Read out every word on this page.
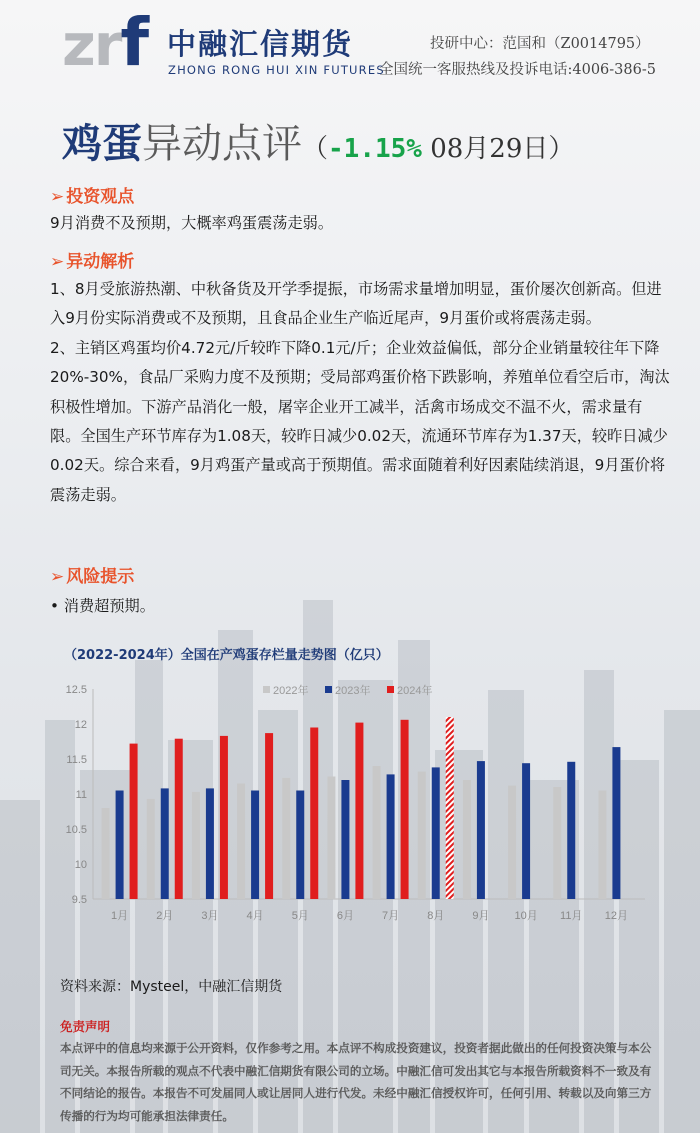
zrf 中融汇信期货
ZHONG RONG HUI XIN FUTURES
投研中心：范国和（Z0014795）
全国统一客服热线及投诉电话:4006-386-5
鸡蛋异动点评（-1.15% 08月29日）
➢ 投资观点

9月消费不及预期，大概率鸡蛋震荡走弱。

➢ 异动解析

1、8月受旅游热潮、中秋备货及开学季提振，市场需求量增加明显，蛋价屡次创新高。但进入9月份实际消费或不及预期，且食品企业生产临近尾声，9月蛋价或将震荡走弱。

2、主销区鸡蛋均价4.72元/斤较昨下降0.1元/斤；企业效益偏低，部分企业销量较往年下降20%-30%，食品厂采购力度不及预期；受局部鸡蛋价格下跌影响，养殖单位看空后市，淘汰积极性增加。下游产品消化一般，屠宰企业开工减半，活禽市场成交不温不火，需求量有限。全国生产环节库存为1.08天，较昨日减少0.02天，流通环节库存为1.37天，较昨日减少0.02天。综合来看，9月鸡蛋产量或高于预期值。需求面随着利好因素陆续消退，9月蛋价将震荡走弱。

➢ 风险提示

• 消费超预期。

（2022-2024年）全国在产鸡蛋存栏量走势图（亿只）
9.5
10
10.5
11
11.5
12
12.5
1月	2月	3月	4月	5月	6月	7月	8月	9月 10月 11月 12月
2022年 2023年 2024年
资料来源：Mysteel，中融汇信期货
免责声明
本点评中的信息均来源于公开资料，仅作参考之用。本点评不构成投资建议，投资者据此做出的任何投资决策与本公司无关。本报告所载的观点不代表中融汇信期货有限公司的立场。中融汇信可发出其它与本报告所载资料不一致及有不同结论的报告。本报告不可发届同人或让居同人进行代发。未经中融汇信授权许可，任何引用、转载以及向第三方传播的行为均可能承担法律责任。
